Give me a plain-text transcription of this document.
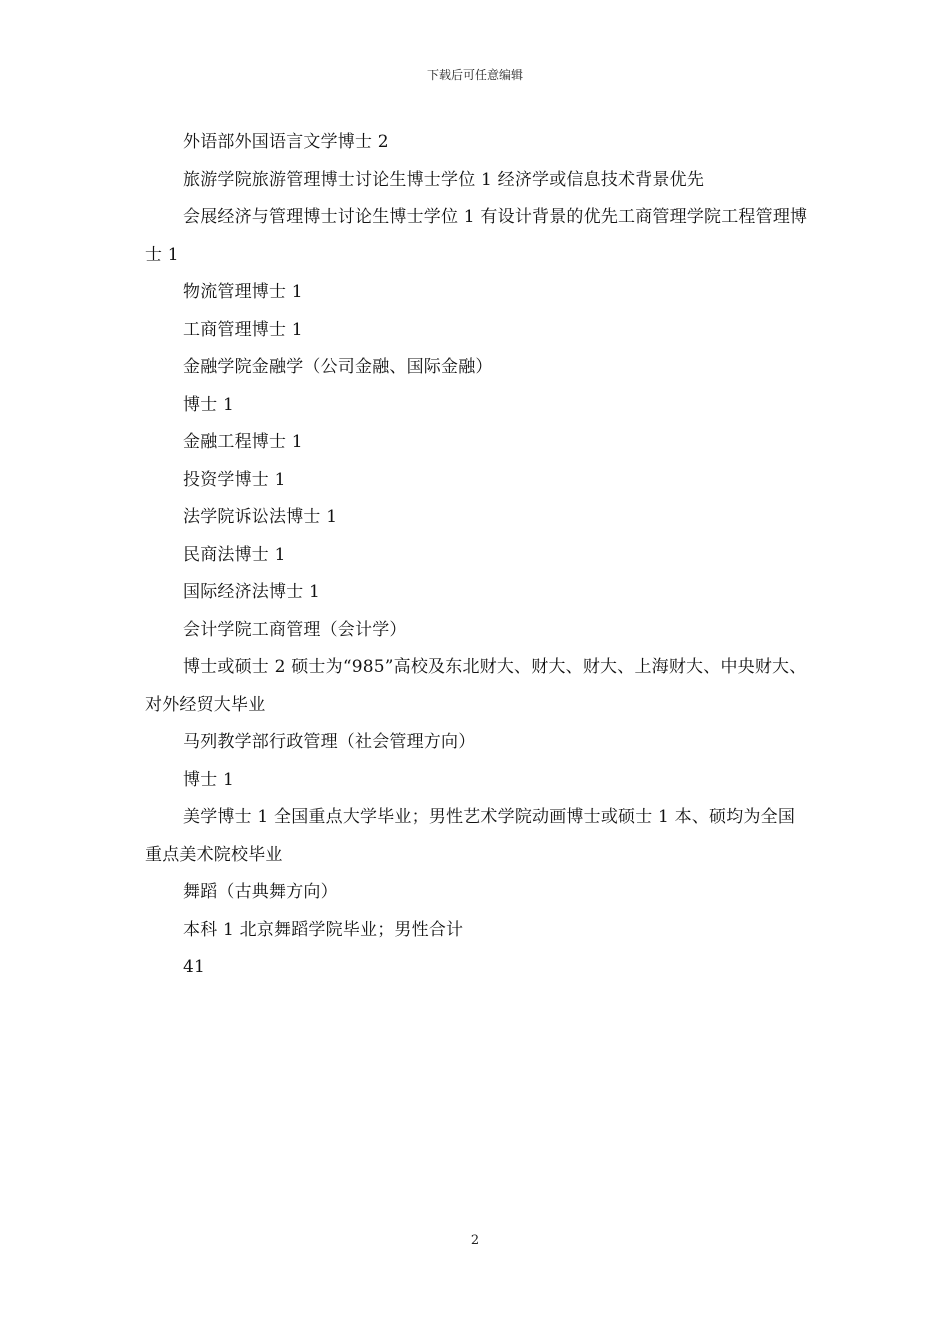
下载后可任意编辑

外语部外国语言文学博士 2

旅游学院旅游管理博士讨论生博士学位 1 经济学或信息技术背景优先

会展经济与管理博士讨论生博士学位 1 有设计背景的优先工商管理学院工程管理博士 1

物流管理博士 1

工商管理博士 1

金融学院金融学（公司金融、国际金融）

博士 1

金融工程博士 1

投资学博士 1

法学院诉讼法博士 1

民商法博士 1

国际经济法博士 1

会计学院工商管理（会计学）

博士或硕士 2 硕士为“985”高校及东北财大、财大、财大、上海财大、中央财大、对外经贸大毕业

马列教学部行政管理（社会管理方向）

博士 1

美学博士 1 全国重点大学毕业；男性艺术学院动画博士或硕士 1 本、硕均为全国重点美术院校毕业

舞蹈（古典舞方向）

本科 1 北京舞蹈学院毕业；男性合计

41

2
